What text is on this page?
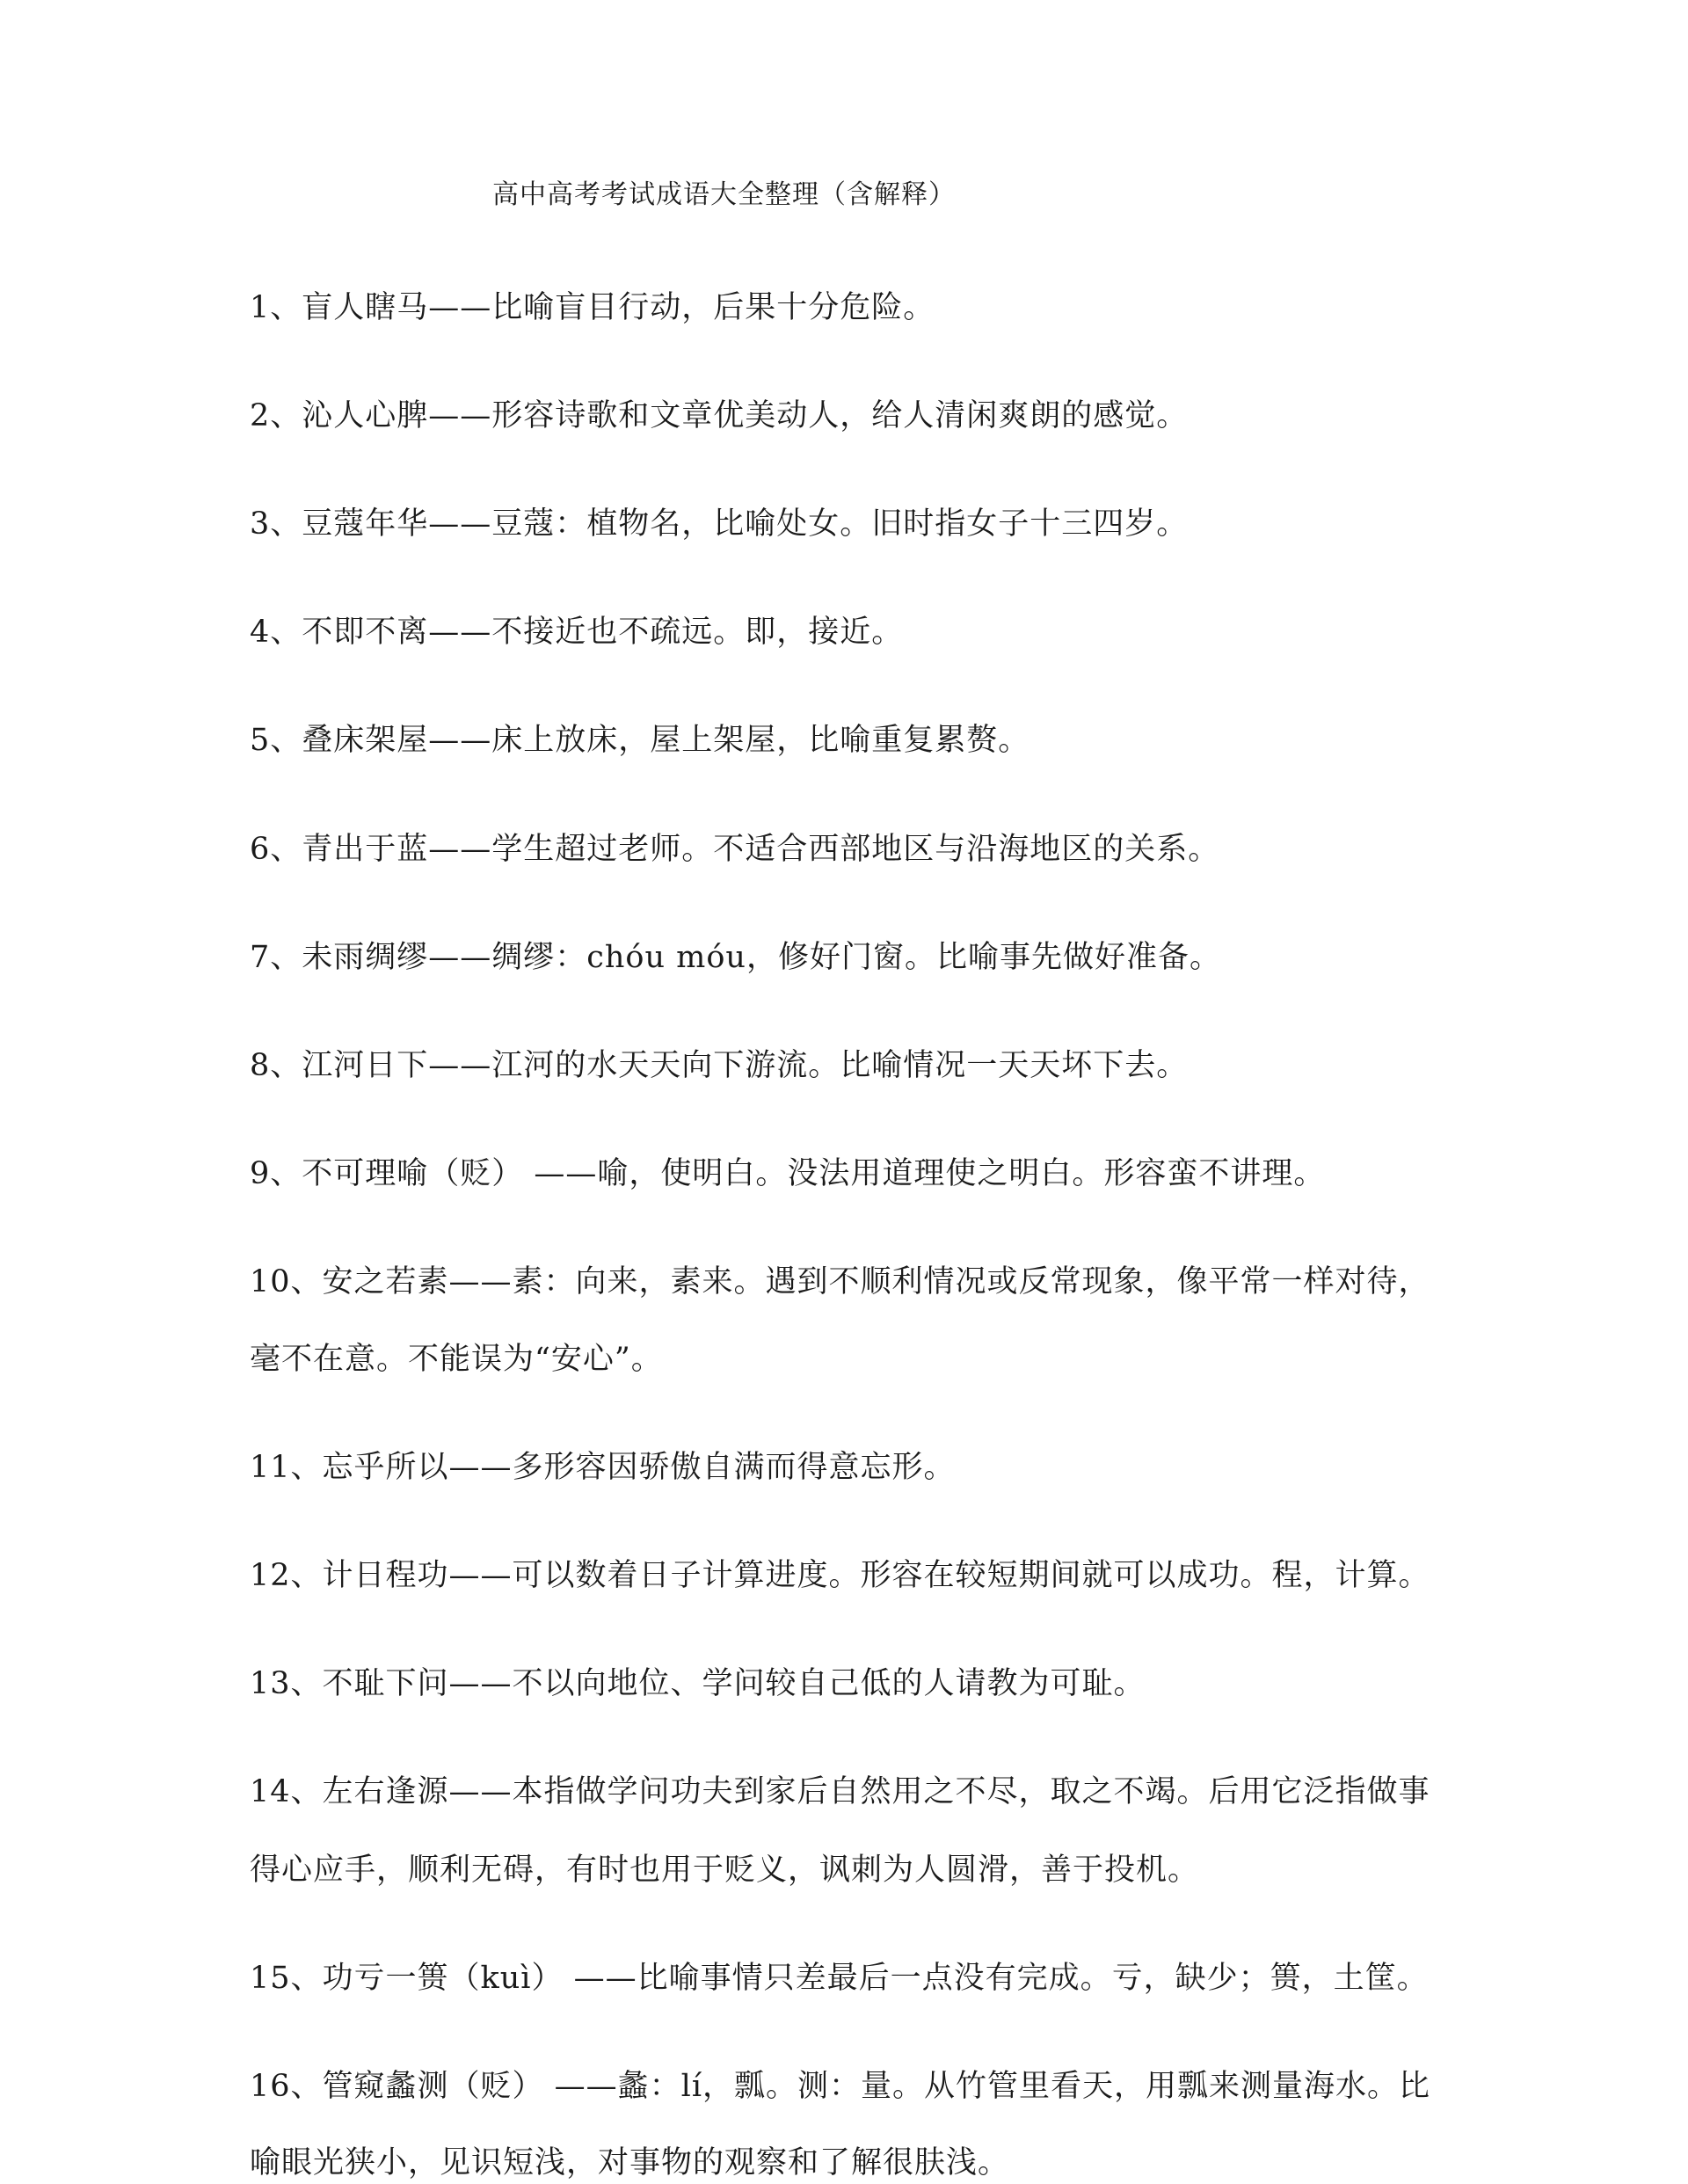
高中高考考试成语大全整理（含解释）
1、盲人瞎马——比喻盲目行动，后果十分危险。
2、沁人心脾——形容诗歌和文章优美动人，给人清闲爽朗的感觉。
3、豆蔻年华——豆蔻：植物名，比喻处女。旧时指女子十三四岁。
4、不即不离——不接近也不疏远。即，接近。
5、叠床架屋——床上放床，屋上架屋，比喻重复累赘。
6、青出于蓝——学生超过老师。不适合西部地区与沿海地区的关系。
7、未雨绸缪——绸缪：chóu móu，修好门窗。比喻事先做好准备。
8、江河日下——江河的水天天向下游流。比喻情况一天天坏下去。
9、不可理喻（贬） ——喻，使明白。没法用道理使之明白。形容蛮不讲理。
10、安之若素——素：向来，素来。遇到不顺利情况或反常现象，像平常一样对待，
毫不在意。不能误为“安心”。
11、忘乎所以——多形容因骄傲自满而得意忘形。
12、计日程功——可以数着日子计算进度。形容在较短期间就可以成功。程，计算。
13、不耻下问——不以向地位、学问较自己低的人请教为可耻。
14、左右逢源——本指做学问功夫到家后自然用之不尽，取之不竭。后用它泛指做事
得心应手，顺利无碍，有时也用于贬义，讽刺为人圆滑，善于投机。
15、功亏一篑（kuì） ——比喻事情只差最后一点没有完成。亏，缺少；篑，土筐。
16、管窥蠡测（贬） ——蠡：lí，瓢。测：量。从竹管里看天，用瓢来测量海水。比
喻眼光狭小，见识短浅，对事物的观察和了解很肤浅。
